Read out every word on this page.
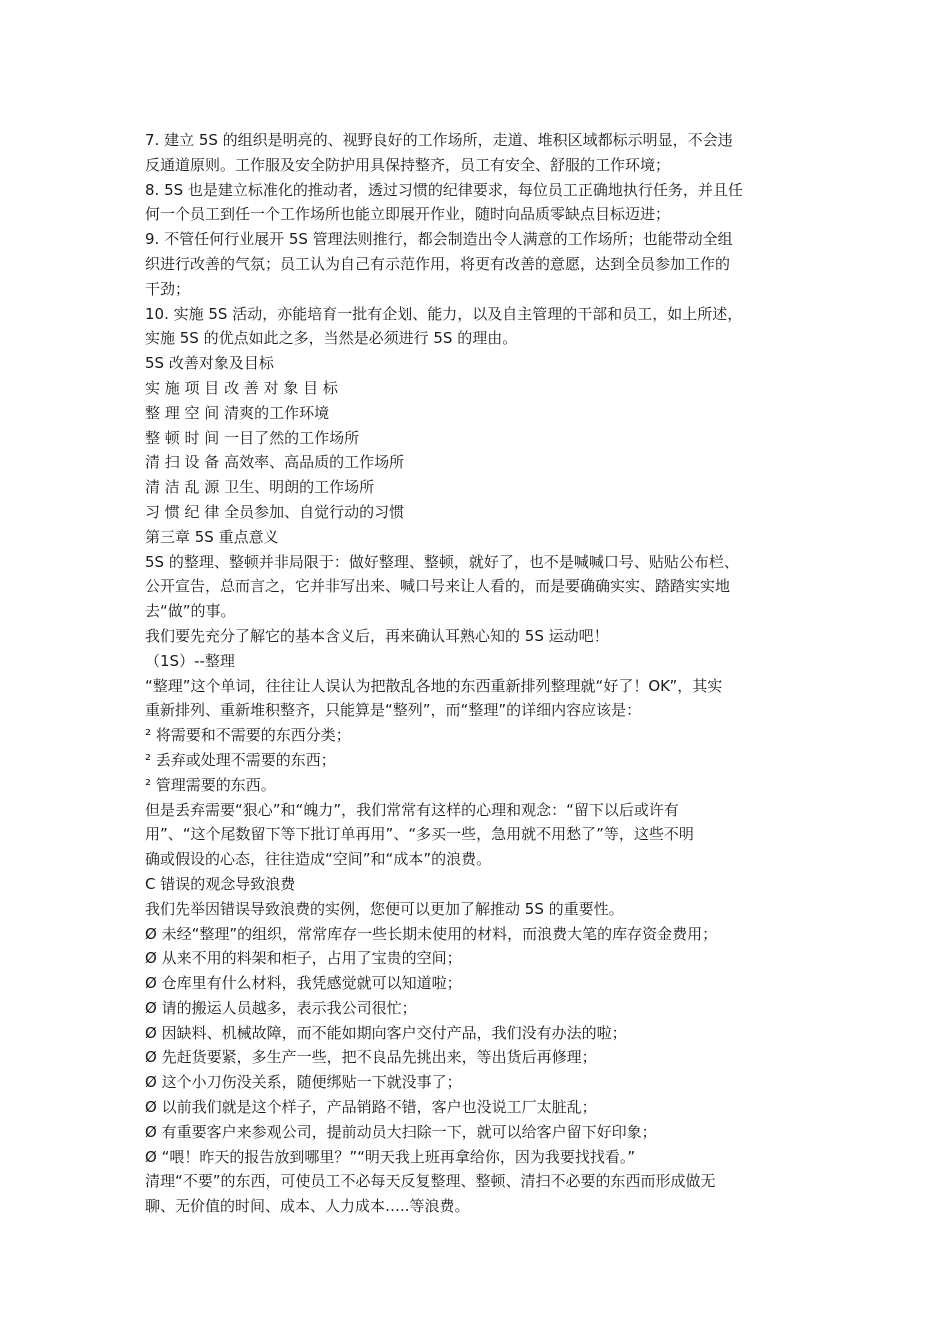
7. 建立 5S 的组织是明亮的、视野良好的工作场所，走道、堆积区域都标示明显，不会违
反通道原则。工作服及安全防护用具保持整齐，员工有安全、舒服的工作环境；
8. 5S 也是建立标准化的推动者，透过习惯的纪律要求，每位员工正确地执行任务，并且任
何一个员工到任一个工作场所也能立即展开作业，随时向品质零缺点目标迈进；
9. 不管任何行业展开 5S 管理法则推行，都会制造出令人满意的工作场所；也能带动全组
织进行改善的气氛；员工认为自己有示范作用，将更有改善的意愿，达到全员参加工作的
干劲；
10. 实施 5S 活动，亦能培育一批有企划、能力，以及自主管理的干部和员工，如上所述，
实施 5S 的优点如此之多，当然是必须进行 5S 的理由。
5S 改善对象及目标
实 施 项 目 改 善 对 象 目 标
整 理 空 间 清爽的工作环境
整 顿 时 间 一目了然的工作场所
清 扫 设 备 高效率、高品质的工作场所
清 洁 乱 源 卫生、明朗的工作场所
习 惯 纪 律 全员参加、自觉行动的习惯
第三章 5S 重点意义
5S 的整理、整顿并非局限于：做好整理、整顿，就好了，也不是喊喊口号、贴贴公布栏、
公开宣告，总而言之，它并非写出来、喊口号来让人看的，而是要确确实实、踏踏实实地
去“做”的事。
我们要先充分了解它的基本含义后，再来确认耳熟心知的 5S 运动吧！
（1S）--整理
“整理”这个单词，往往让人误认为把散乱各地的东西重新排列整理就“好了！OK”，其实
重新排列、重新堆积整齐，只能算是“整列”，而“整理”的详细内容应该是：
² 将需要和不需要的东西分类；
² 丢弃或处理不需要的东西；
² 管理需要的东西。
但是丢弃需要“狠心”和“魄力”，我们常常有这样的心理和观念：“留下以后或许有
用”、“这个尾数留下等下批订单再用”、“多买一些，急用就不用愁了”等，这些不明
确或假设的心态，往往造成“空间”和“成本”的浪费。
C 错误的观念导致浪费
我们先举因错误导致浪费的实例，您便可以更加了解推动 5S 的重要性。
Ø 未经“整理”的组织，常常库存一些长期未使用的材料，而浪费大笔的库存资金费用；
Ø 从来不用的料架和柜子，占用了宝贵的空间；
Ø 仓库里有什么材料，我凭感觉就可以知道啦；
Ø 请的搬运人员越多，表示我公司很忙；
Ø 因缺料、机械故障，而不能如期向客户交付产品，我们没有办法的啦；
Ø 先赶货要紧，多生产一些，把不良品先挑出来，等出货后再修理；
Ø 这个小刀伤没关系，随便绑贴一下就没事了；
Ø 以前我们就是这个样子，产品销路不错，客户也没说工厂太脏乱；
Ø 有重要客户来参观公司，提前动员大扫除一下，就可以给客户留下好印象；
Ø “喂！昨天的报告放到哪里？”“明天我上班再拿给你，因为我要找找看。”
清理“不要”的东西，可使员工不必每天反复整理、整顿、清扫不必要的东西而形成做无
聊、无价值的时间、成本、人力成本…..等浪费。
